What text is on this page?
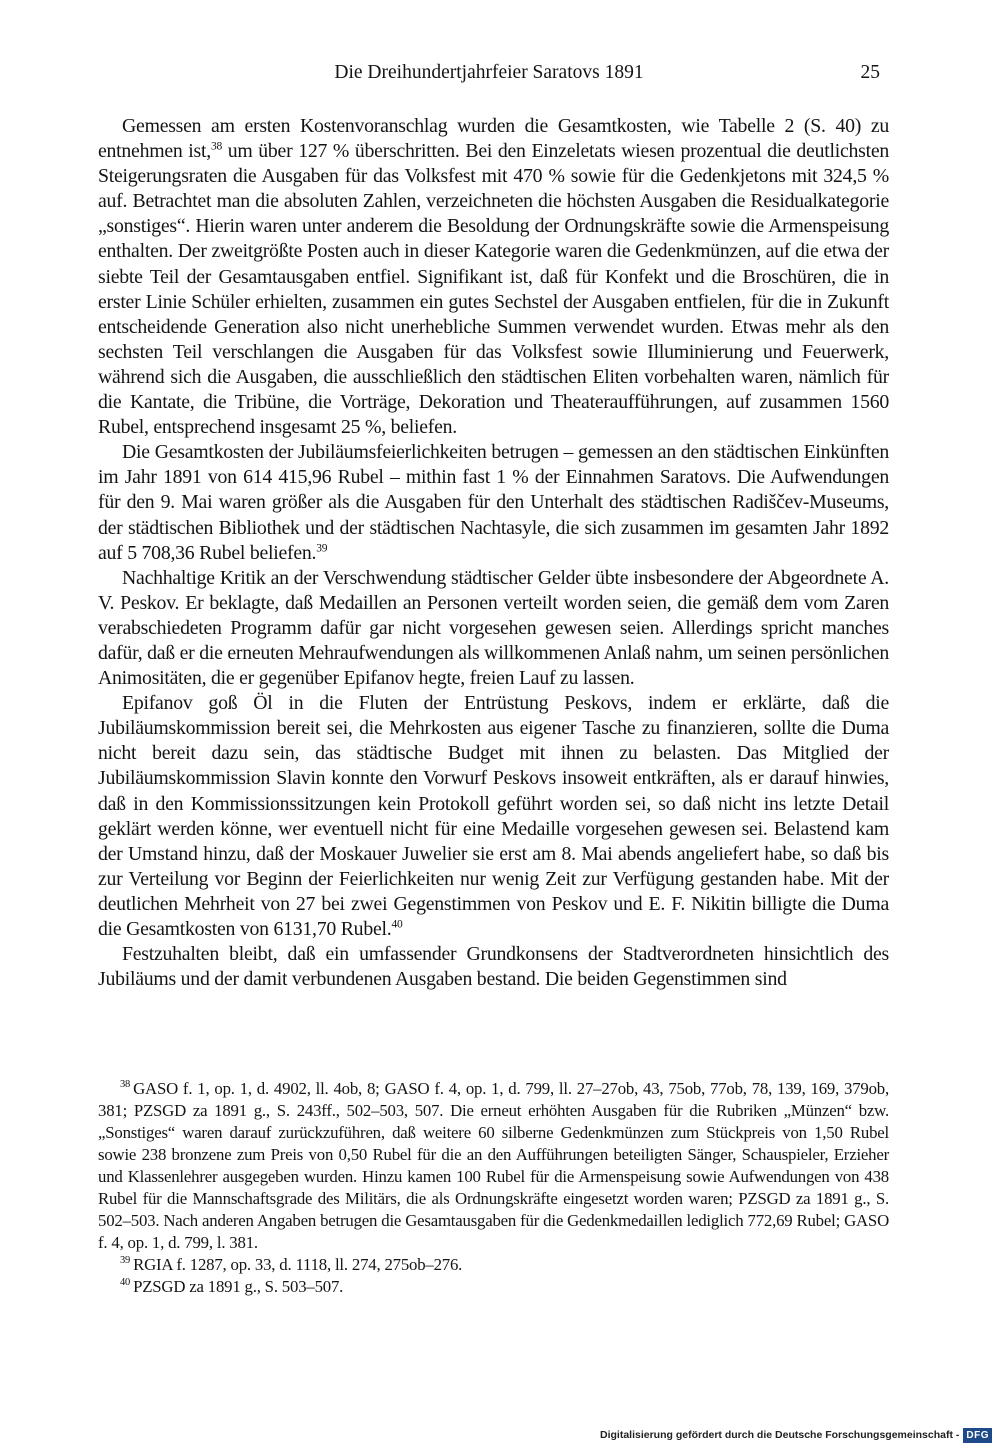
Die Dreihundertjahrfeier Saratovs 1891	25

Gemessen am ersten Kostenvoranschlag wurden die Gesamtkosten, wie Tabelle 2 (S. 40) zu entnehmen ist,$^{38}$ um über 127 % überschritten. Bei den Einzeletats wiesen prozentual die deutlichsten Steigerungsraten die Ausgaben für das Volksfest mit 470 % sowie für die Gedenkjetons mit 324,5 % auf. Betrachtet man die absoluten Zahlen, verzeichneten die höchsten Ausgaben die Residualkategorie „sonstiges“. Hierin waren unter anderem die Besoldung der Ordnungskräfte sowie die Armenspeisung enthalten. Der zweitgrößte Posten auch in dieser Kategorie waren die Gedenkmünzen, auf die etwa der siebte Teil der Gesamtausgaben entfiel. Signifikant ist, daß für Konfekt und die Broschüren, die in erster Linie Schüler erhielten, zusammen ein gutes Sechstel der Ausgaben entfielen, für die in Zukunft entscheidende Generation also nicht unerhebliche Summen verwendet wurden. Etwas mehr als den sechsten Teil verschlangen die Ausgaben für das Volksfest sowie Illuminierung und Feuerwerk, während sich die Ausgaben, die ausschließlich den städtischen Eliten vorbehalten waren, nämlich für die Kantate, die Tribüne, die Vorträge, Dekoration und Theateraufführungen, auf zusammen 1560 Rubel, entsprechend insgesamt 25 %, beliefen.

Die Gesamtkosten der Jubiläumsfeierlichkeiten betrugen – gemessen an den städtischen Einkünften im Jahr 1891 von 614 415,96 Rubel – mithin fast 1 % der Einnahmen Saratovs. Die Aufwendungen für den 9. Mai waren größer als die Ausgaben für den Unterhalt des städtischen Radiščev-Museums, der städtischen Bibliothek und der städtischen Nachtasyle, die sich zusammen im gesamten Jahr 1892 auf 5 708,36 Rubel beliefen.$^{39}$

Nachhaltige Kritik an der Verschwendung städtischer Gelder übte insbesondere der Abgeordnete A. V. Peskov. Er beklagte, daß Medaillen an Personen verteilt worden seien, die gemäß dem vom Zaren verabschiedeten Programm dafür gar nicht vorgesehen gewesen seien. Allerdings spricht manches dafür, daß er die erneuten Mehraufwendungen als willkommenen Anlaß nahm, um seinen persönlichen Animositäten, die er gegenüber Epifanov hegte, freien Lauf zu lassen.

Epifanov goß Öl in die Fluten der Entrüstung Peskovs, indem er erklärte, daß die Jubiläumskommission bereit sei, die Mehrkosten aus eigener Tasche zu finanzieren, sollte die Duma nicht bereit dazu sein, das städtische Budget mit ihnen zu belasten. Das Mitglied der Jubiläumskommission Slavin konnte den Vorwurf Peskovs insoweit entkräften, als er darauf hinwies, daß in den Kommissionssitzungen kein Protokoll geführt worden sei, so daß nicht ins letzte Detail geklärt werden könne, wer eventuell nicht für eine Medaille vorgesehen gewesen sei. Belastend kam der Umstand hinzu, daß der Moskauer Juwelier sie erst am 8. Mai abends angeliefert habe, so daß bis zur Verteilung vor Beginn der Feierlichkeiten nur wenig Zeit zur Verfügung gestanden habe. Mit der deutlichen Mehrheit von 27 bei zwei Gegenstimmen von Peskov und E. F. Nikitin billigte die Duma die Gesamtkosten von 6131,70 Rubel.$^{40}$

Festzuhalten bleibt, daß ein umfassender Grundkonsens der Stadtverordneten hinsichtlich des Jubiläums und der damit verbundenen Ausgaben bestand. Die beiden Gegenstimmen sind

$^{38}$ GASO f. 1, op. 1, d. 4902, ll. 4ob, 8; GASO f. 4, op. 1, d. 799, ll. 27–27ob, 43, 75ob, 77ob, 78, 139, 169, 379ob, 381; PZSGD za 1891 g., S. 243ff., 502–503, 507. Die erneut erhöhten Ausgaben für die Rubriken „Münzen“ bzw. „Sonstiges“ waren darauf zurückzuführen, daß weitere 60 silberne Gedenkmünzen zum Stückpreis von 1,50 Rubel sowie 238 bronzene zum Preis von 0,50 Rubel für die an den Aufführungen beteiligten Sänger, Schauspieler, Erzieher und Klassenlehrer ausgegeben wurden. Hinzu kamen 100 Rubel für die Armenspeisung sowie Aufwendungen von 438 Rubel für die Mannschaftsgrade des Militärs, die als Ordnungskräfte eingesetzt worden waren; PZSGD za 1891 g., S. 502–503. Nach anderen Angaben betrugen die Gesamtausgaben für die Gedenkmedaillen lediglich 772,69 Rubel; GASO f. 4, op. 1, d. 799, l. 381.

$^{39}$ RGIA f. 1287, op. 33, d. 1118, ll. 274, 275ob–276.

$^{40}$ PZSGD za 1891 g., S. 503–507.

Digitalisierung gefördert durch die Deutsche Forschungsgemeinschaft - DFG
